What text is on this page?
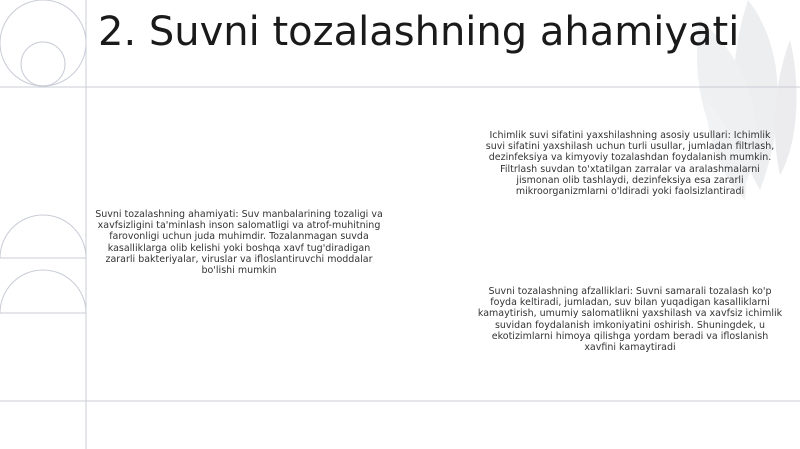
2. Suvni tozalashning ahamiyati

Suvni tozalashning ahamiyati: Suv manbalarining tozaligi va xavfsizligini ta'minlash inson salomatligi va atrof-muhitning farovonligi uchun juda muhimdir. Tozalanmagan suvda kasalliklarga olib kelishi yoki boshqa xavf tug'diradigan zararli bakteriyalar, viruslar va ifloslantiruvchi moddalar bo'lishi mumkin

Ichimlik suvi sifatini yaxshilashning asosiy usullari: Ichimlik suvi sifatini yaxshilash uchun turli usullar, jumladan filtrlash, dezinfeksiya va kimyoviy tozalashdan foydalanish mumkin. Filtrlash suvdan to'xtatilgan zarralar va aralashmalarni jismonan olib tashlaydi, dezinfeksiya esa zararli mikroorganizmlarni o'ldiradi yoki faolsizlantiradi

Suvni tozalashning afzalliklari: Suvni samarali tozalash ko'p foyda keltiradi, jumladan, suv bilan yuqadigan kasalliklarni kamaytirish, umumiy salomatlikni yaxshilash va xavfsiz ichimlik suvidan foydalanish imkoniyatini oshirish. Shuningdek, u ekotizimlarni himoya qilishga yordam beradi va ifloslanish xavfini kamaytiradi
